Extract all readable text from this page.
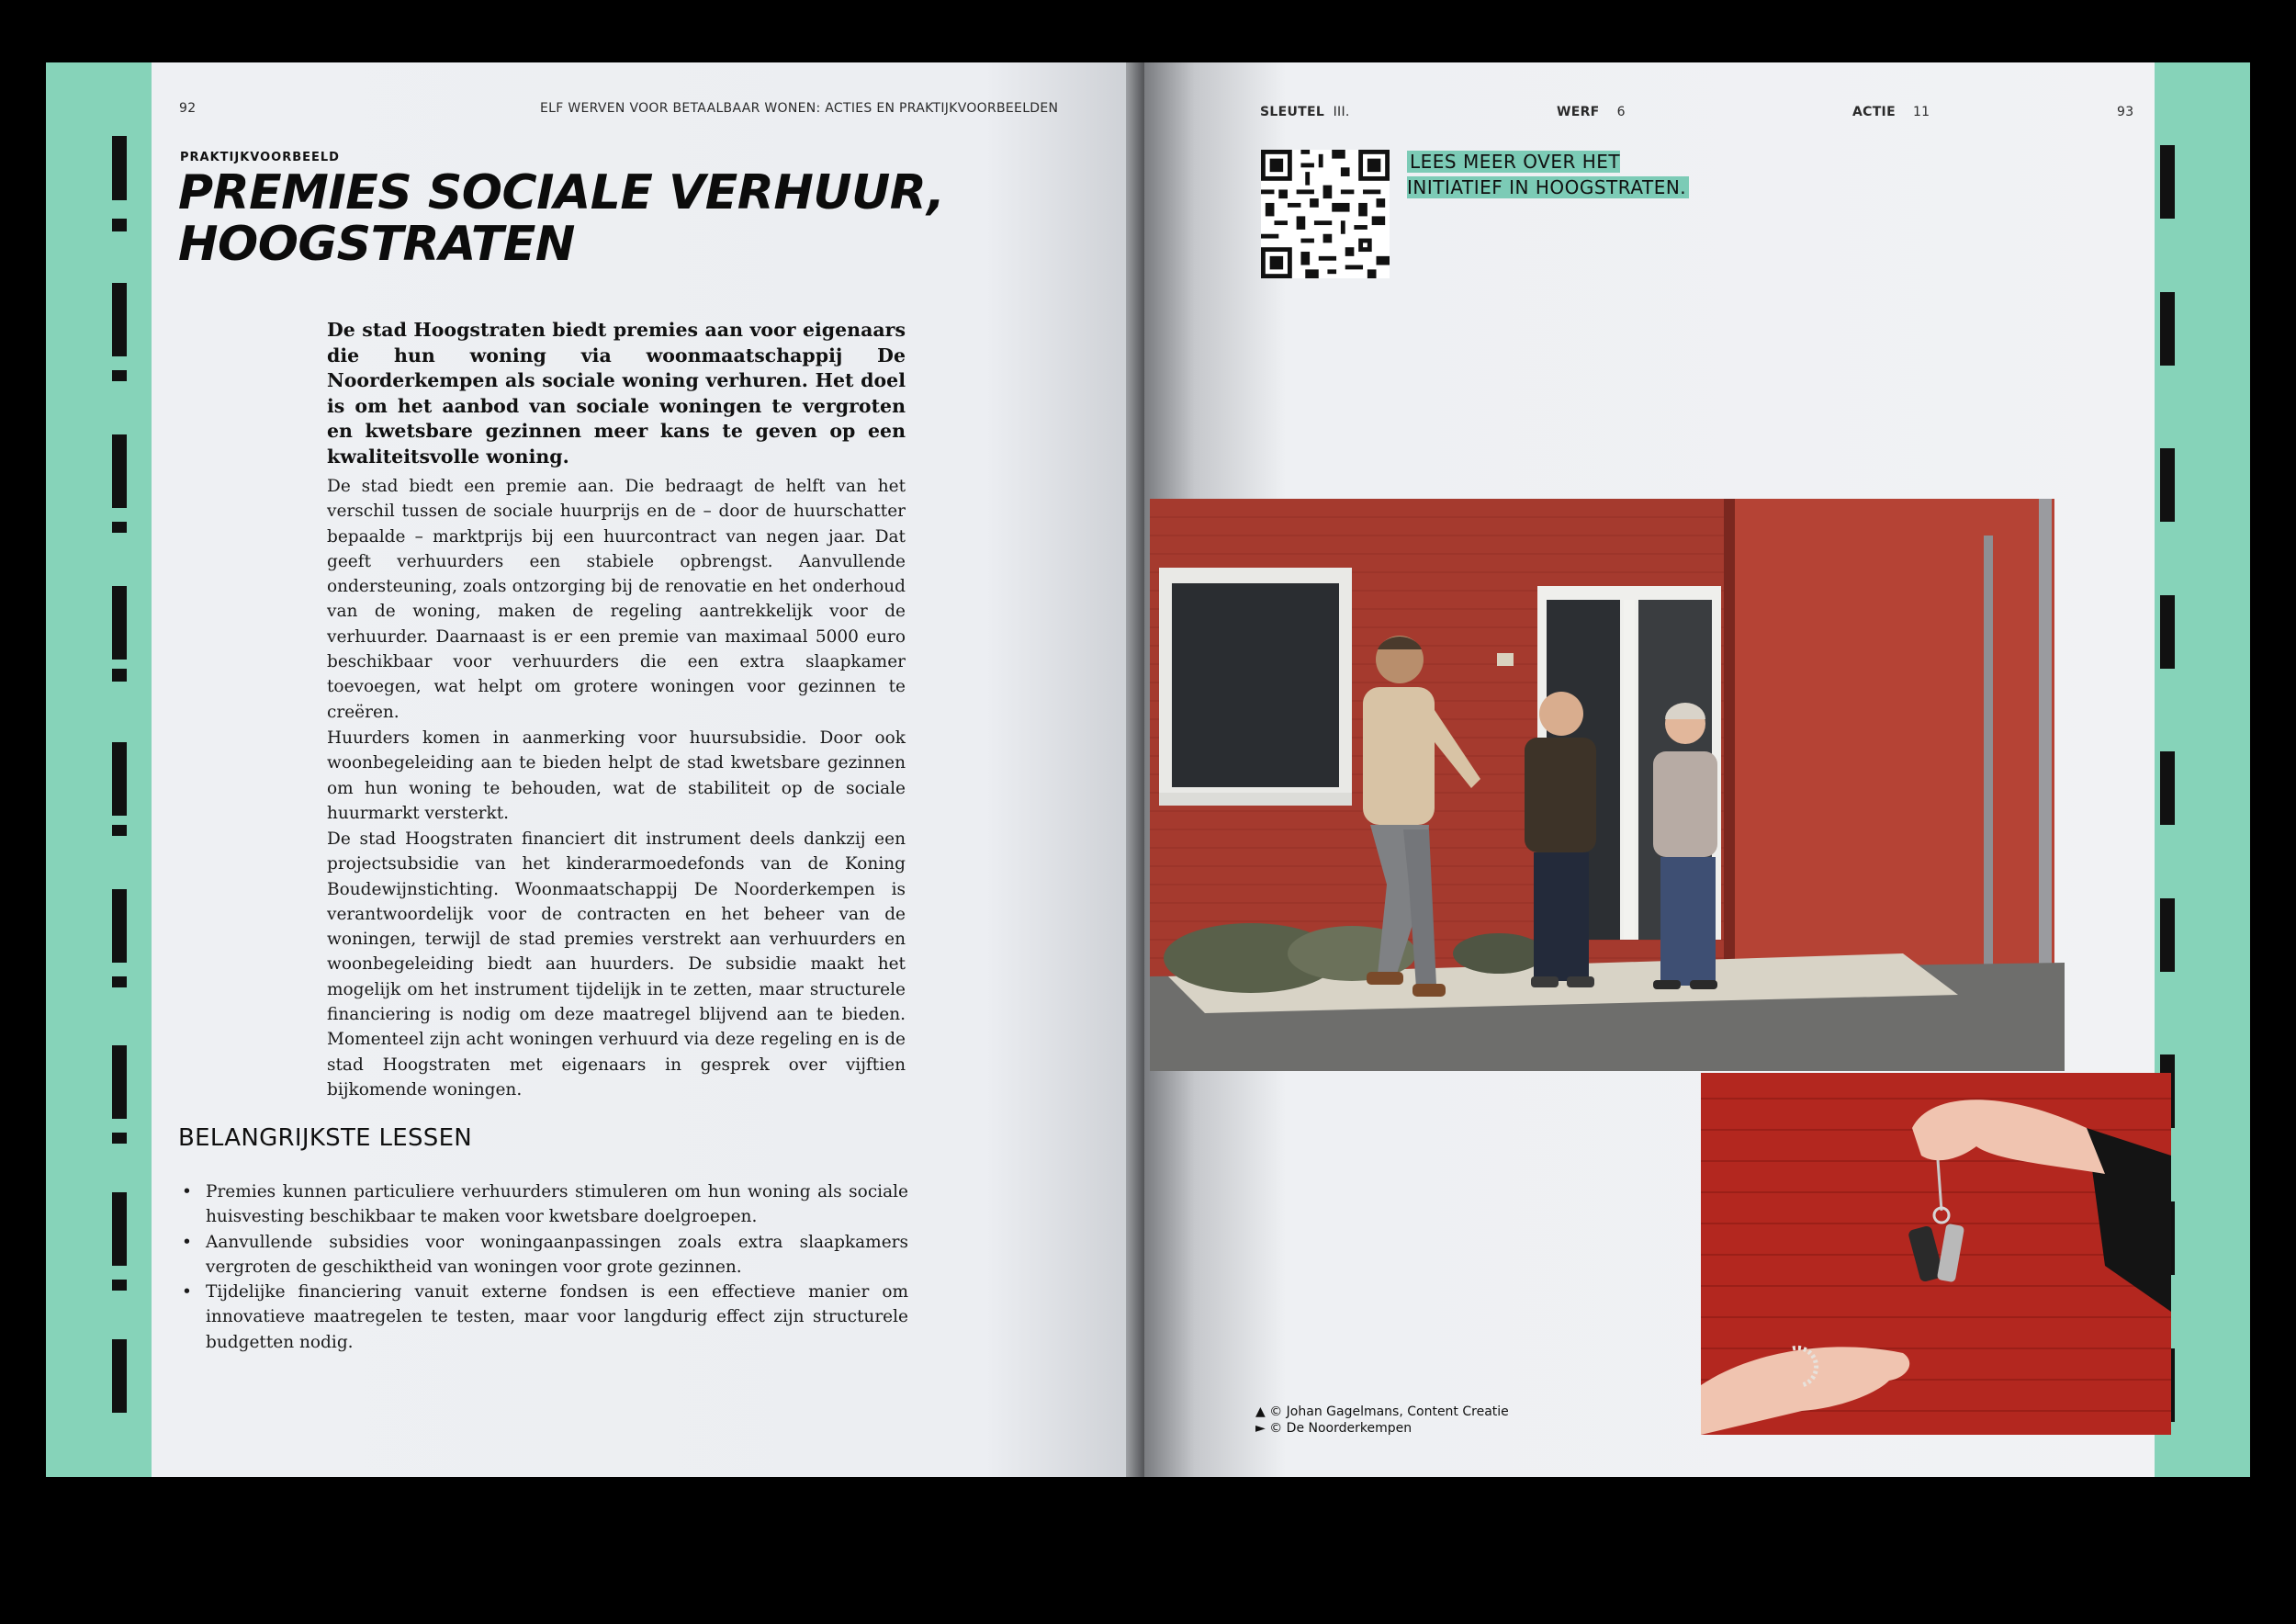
92	ELF WERVEN VOOR BETAALBAAR WONEN: ACTIES EN PRAKTIJKVOORBEELDEN
PRAKTIJKVOORBEELD
PREMIES SOCIALE VERHUUR, HOOGSTRATEN

De stad Hoogstraten biedt premies aan voor eigenaars die hun woning via woonmaatschappij De Noorderkempen als sociale woning verhuren. Het doel is om het aanbod van sociale woningen te vergroten en kwetsbare gezinnen meer kans te geven op een kwaliteitsvolle woning.

De stad biedt een premie aan. Die bedraagt de helft van het verschil tussen de sociale huurprijs en de – door de huurschatter bepaalde – marktprijs bij een huurcontract van negen jaar. Dat geeft verhuurders een stabiele opbrengst. Aanvullende ondersteuning, zoals ontzorging bij de renovatie en het onderhoud van de woning, maken de regeling aantrekkelijk voor de verhuurder. Daarnaast is er een premie van maximaal 5000 euro beschikbaar voor verhuurders die een extra slaapkamer toevoegen, wat helpt om grotere woningen voor gezinnen te creëren.

Huurders komen in aanmerking voor huursubsidie. Door ook woonbegeleiding aan te bieden helpt de stad kwetsbare gezinnen om hun woning te behouden, wat de stabiliteit op de sociale huurmarkt versterkt.

De stad Hoogstraten financiert dit instrument deels dankzij een projectsubsidie van het kinderarmoedefonds van de Koning Boudewijnstichting. Woonmaatschappij De Noorderkempen is verantwoordelijk voor de contracten en het beheer van de woningen, terwijl de stad premies verstrekt aan verhuurders en woonbegeleiding biedt aan huurders. De subsidie maakt het mogelijk om het instrument tijdelijk in te zetten, maar structurele financiering is nodig om deze maatregel blijvend aan te bieden. Momenteel zijn acht woningen verhuurd via deze regeling en is de stad Hoogstraten met eigenaars in gesprek over vijftien bijkomende woningen.

BELANGRIJKSTE LESSEN
• Premies kunnen particuliere verhuurders stimuleren om hun woning als sociale huisvesting beschikbaar te maken voor kwetsbare doelgroepen.
• Aanvullende subsidies voor woningaanpassingen zoals extra slaapkamers vergroten de geschiktheid van woningen voor grote gezinnen.
• Tijdelijke financiering vanuit externe fondsen is een effectieve manier om innovatieve maatregelen te testen, maar voor langdurig effect zijn structurele budgetten nodig.
SLEUTEL III.	WERF 6	ACTIE 11	93
LEES MEER OVER HET INITIATIEF IN HOOGSTRATEN.
▲ © Johan Gagelmans, Content Creatie
► © De Noorderkempen
